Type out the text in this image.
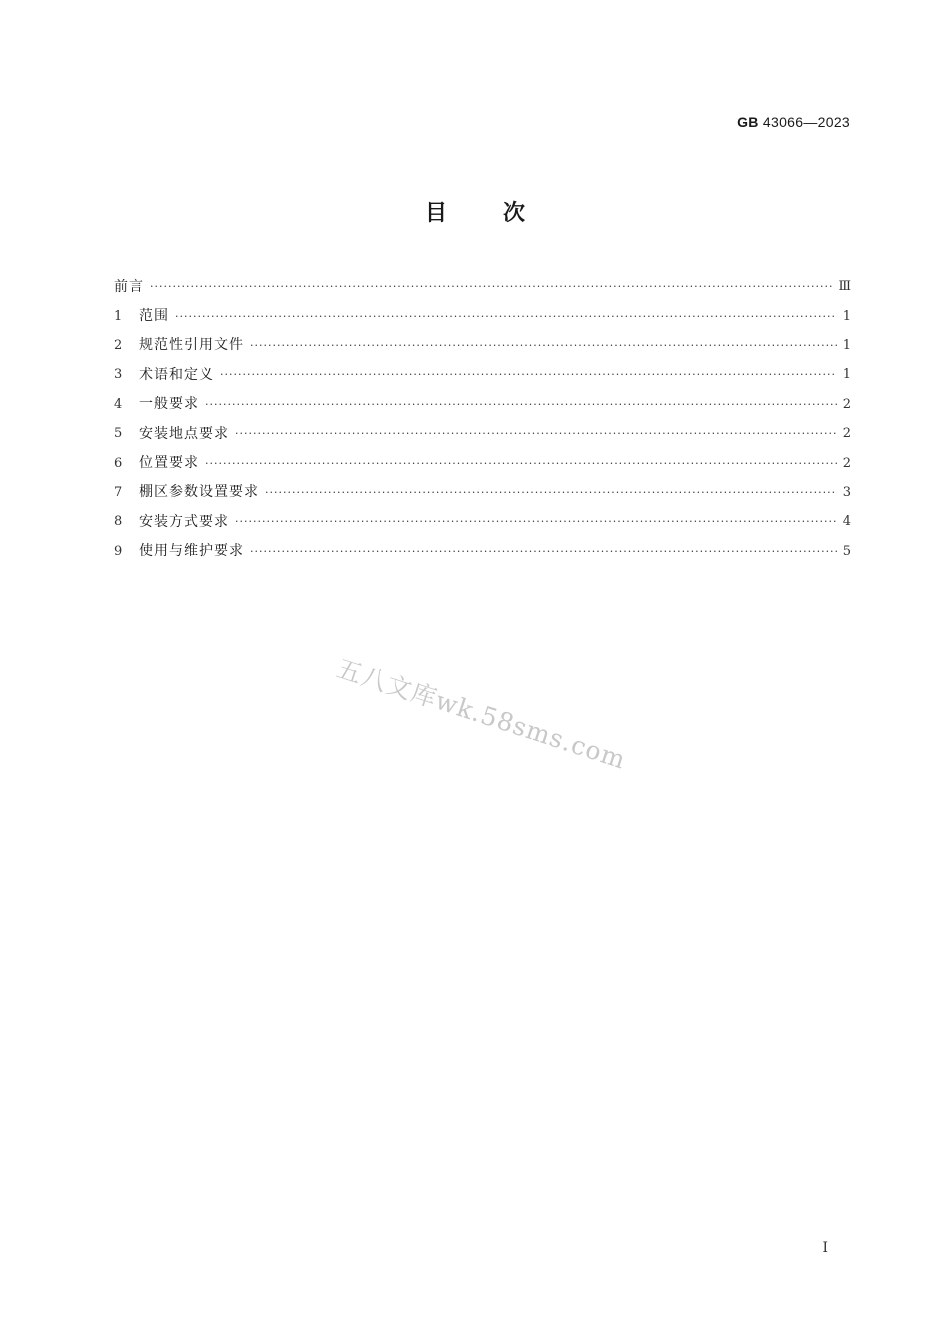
GB 43066—2023
目	次
前言 ·····	Ⅲ
1	范围 ·····	1
2	规范性引用文件 ·····	1
3	术语和定义 ·····	1
4	一般要求 ·····	2
5	安装地点要求 ·····	2
6	位置要求 ·····	2
7	棚区参数设置要求 ·····	3
8	安装方式要求 ·····	4
9	使用与维护要求 ·····	5
五八文库wk.58sms.com
I
